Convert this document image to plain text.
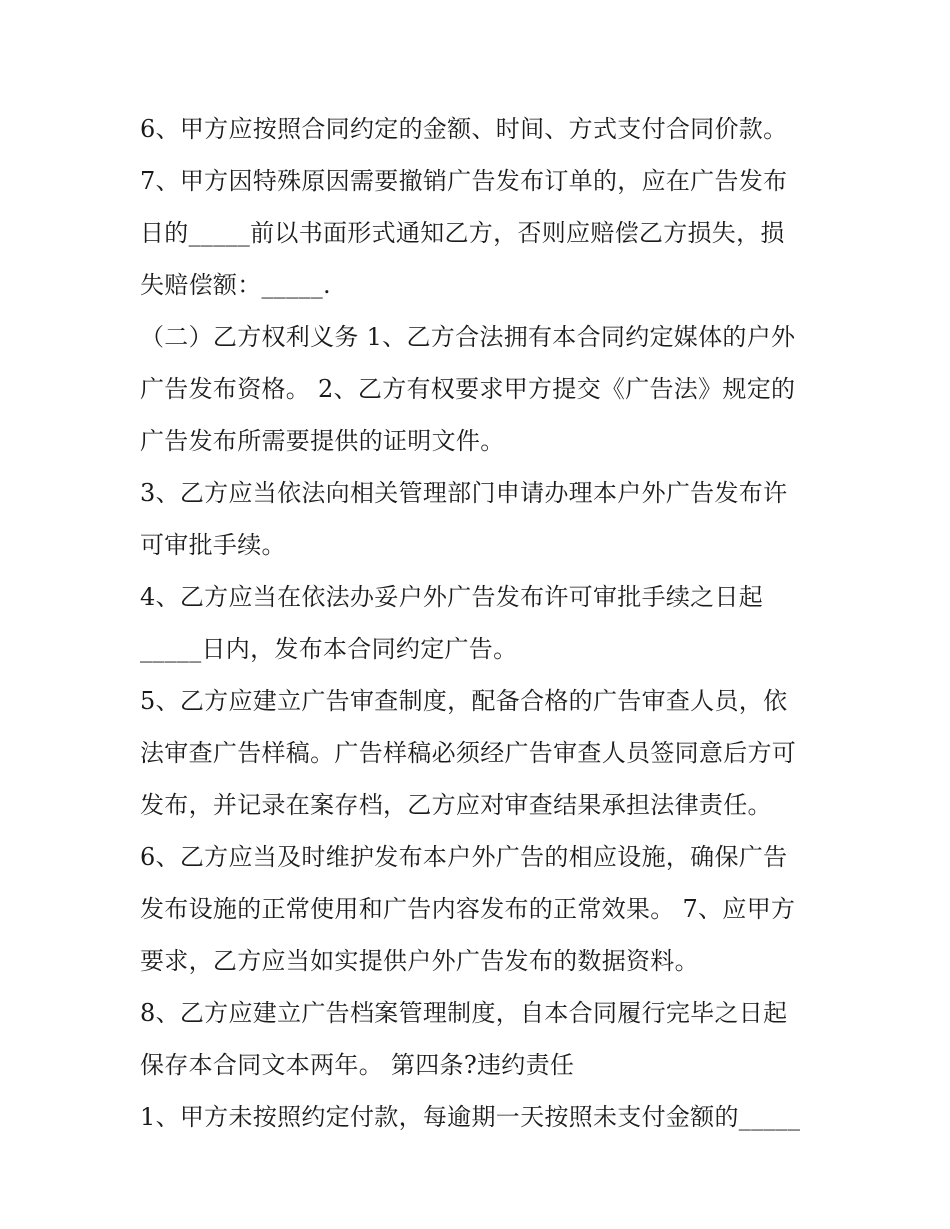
6、甲方应按照合同约定的金额、时间、方式支付合同价款。
7、甲方因特殊原因需要撤销广告发布订单的，应在广告发布
日的_____前以书面形式通知乙方，否则应赔偿乙方损失，损
失赔偿额：_____.
（二）乙方权利义务 1、乙方合法拥有本合同约定媒体的户外
广告发布资格。 2、乙方有权要求甲方提交《广告法》规定的
广告发布所需要提供的证明文件。
3、乙方应当依法向相关管理部门申请办理本户外广告发布许
可审批手续。
4、乙方应当在依法办妥户外广告发布许可审批手续之日起
_____日内，发布本合同约定广告。
5、乙方应建立广告审查制度，配备合格的广告审查人员，依
法审查广告样稿。广告样稿必须经广告审查人员签同意后方可
发布，并记录在案存档，乙方应对审查结果承担法律责任。
6、乙方应当及时维护发布本户外广告的相应设施，确保广告
发布设施的正常使用和广告内容发布的正常效果。 7、应甲方
要求，乙方应当如实提供户外广告发布的数据资料。
8、乙方应建立广告档案管理制度，自本合同履行完毕之日起
保存本合同文本两年。 第四条?违约责任
1、甲方未按照约定付款，每逾期一天按照未支付金额的_____
